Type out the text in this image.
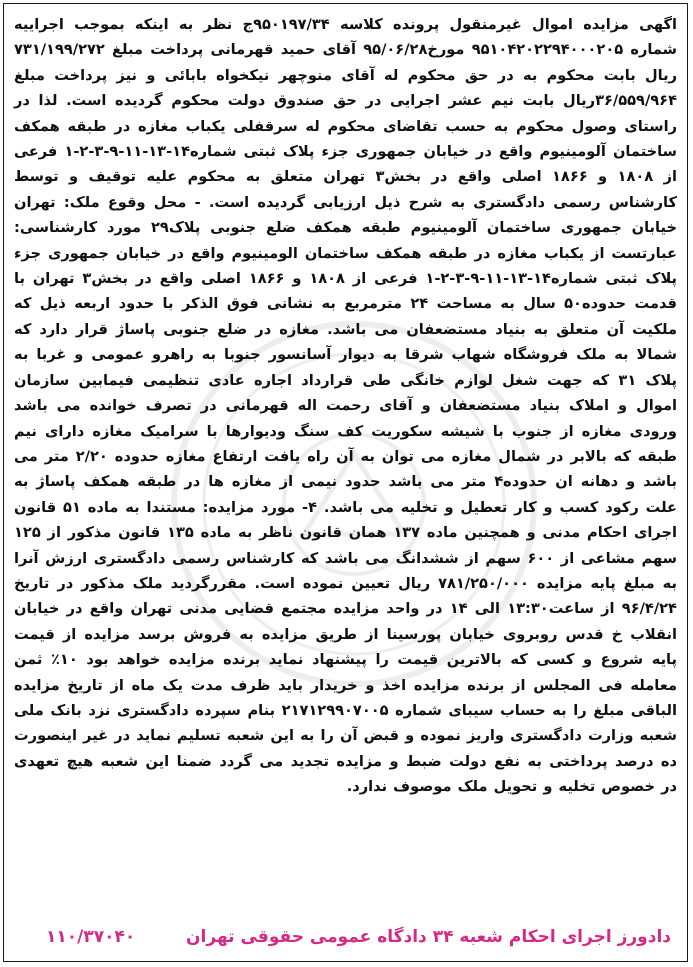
اگهی مزایده اموال غیرمنقول پرونده کلاسه ۹۵۰۱۹۷/۳۴ج نظر به اینکه بموجب اجراییه شماره ۹۵۱۰۴۲۰۲۲۹۴۰۰۰۲۰۵ مورخ۹۵/۰۶/۲۸ آقای حمید قهرمانی پرداخت مبلغ ۷۳۱/۱۹۹/۲۷۲ ریال بابت محکوم به در حق محکوم له آقای منوچهر نیکخواه بابائی و نیز پرداخت مبلغ ۳۶/۵۵۹/۹۶۴ریال بابت نیم عشر اجرایی در حق صندوق دولت محکوم گردیده است. لذا در راستای وصول محکوم به حسب تقاضای محکوم له سرقفلی یکباب مغازه در طبقه همکف ساختمان آلومینیوم واقع در خیابان جمهوری جزء پلاک ثبتی شماره۱۴-۱۳-۱۱-۹-۳-۲-۱ فرعی از ۱۸۰۸ و ۱۸۶۶ اصلی واقع در بخش۳ تهران متعلق به محکوم علیه توقیف و توسط کارشناس رسمی دادگستری به شرح ذیل ارزیابی گردیده است. - محل وقوع ملک: تهران خیابان جمهوری ساختمان آلومینیوم طبقه همکف ضلع جنوبی پلاک۲۹ مورد کارشناسی: عبارتست از یکباب مغازه در طبقه همکف ساختمان الومینیوم واقع در خیابان جمهوری جزء پلاک ثبتی شماره۱۴-۱۳-۱۱-۹-۳-۲-۱ فرعی از ۱۸۰۸ و ۱۸۶۶ اصلی واقع در بخش۳ تهران با قدمت حدوده۵۰ سال به مساحت ۲۴ مترمربع به نشانی فوق الذکر با حدود اربعه ذیل که ملکیت آن متعلق به بنیاد مستضعفان می باشد. مغازه در ضلع جنوبی پاساژ قرار دارد که شمالا به ملک فروشگاه شهاب شرقا به دیوار آسانسور جنوبا به راهرو عمومی و غربا به پلاک ۳۱ که جهت شغل لوازم خانگی طی قرارداد اجاره عادی تنظیمی فیمابین سازمان اموال و املاک بنیاد مستضعفان و آقای رحمت اله قهرمانی در تصرف خوانده می باشد ورودی مغازه از جنوب با شیشه سکوریت کف سنگ ودیوارها با سرامیک مغازه دارای نیم طبقه که بالابر در شمال مغازه می توان به آن راه یافت ارتفاع مغازه حدوده ۲/۲۰ متر می باشد و دهانه ان حدوده۴ متر می باشد حدود نیمی از مغازه ها در طبقه همکف پاساژ به علت رکود کسب و کار تعطیل و تخلیه می باشد. ۴- مورد مزایده: مستندا به ماده ۵۱ قانون اجرای احکام مدنی و همچنین ماده ۱۳۷ همان قانون ناظر به ماده ۱۳۵ قانون مذکور از ۱۲۵ سهم مشاعی از ۶۰۰ سهم از ششدانگ می باشد که کارشناس رسمی دادگستری ارزش آنرا به مبلغ پایه مزایده ۷۸۱/۲۵۰/۰۰۰ ریال تعیین نموده است. مقررگردید ملک مذکور در تاریخ ۹۶/۴/۲۴ از ساعت۱۳:۳۰ الی ۱۴ در واحد مزایده مجتمع قضایی مدنی تهران واقع در خیابان انقلاب خ قدس روبروی خیابان پورسینا از طریق مزایده به فروش برسد مزایده از قیمت پایه شروع و کسی که بالاترین قیمت را پیشنهاد نماید برنده مزایده خواهد بود ۱۰٪ ثمن معامله فی المجلس از برنده مزایده اخذ و خریدار باید ظرف مدت یک ماه از تاریخ مزایده الباقی مبلغ را به حساب سیبای شماره ۲۱۷۱۲۹۹۰۷۰۰۵ بنام سپرده دادگستری نزد بانک ملی شعبه وزارت دادگستری واریز نموده و قبض آن را به این شعبه تسلیم نماید در غیر اینصورت ده درصد پرداختی به نفع دولت ضبط و مزایده تجدید می گردد ضمنا این شعبه هیچ تعهدی در خصوص تخلیه و تحویل ملک موصوف ندارد.

دادورز اجرای احکام شعبه ۳۴ دادگاه عمومی حقوقی تهران
۱۱۰/۳۷۰۴۰
